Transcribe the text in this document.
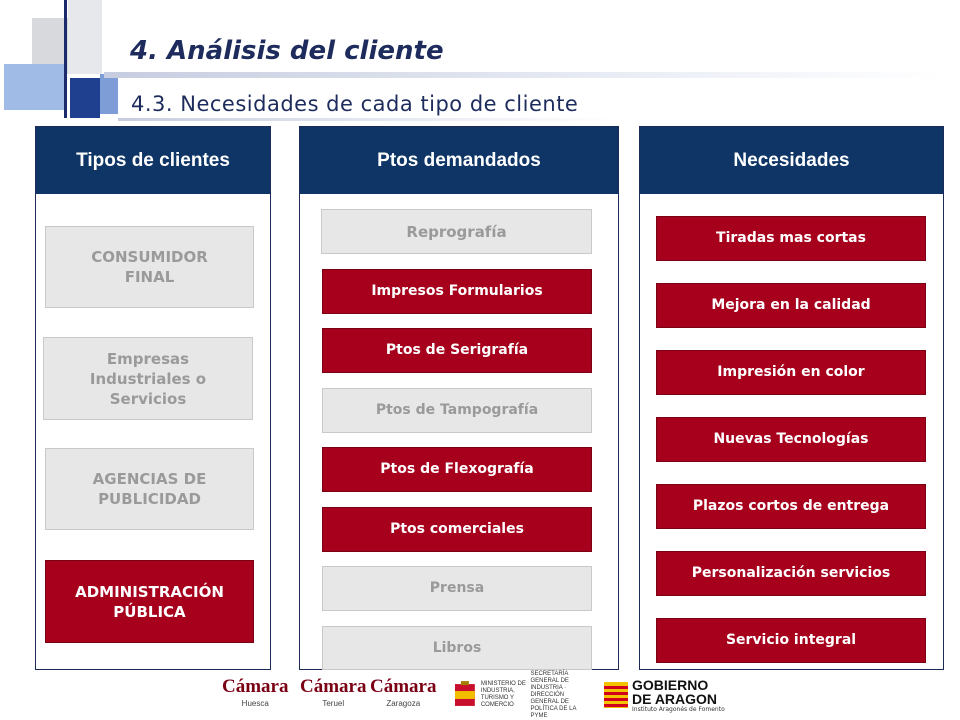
4. Análisis del cliente
4.3. Necesidades de cada tipo de cliente
Tipos de clientes	Ptos demandados	Necesidades
CONSUMIDOR
FINAL
Empresas
Industriales o
Servicios
AGENCIAS DE
PUBLICIDAD
ADMINISTRACIÓN
PÚBLICA
Reprografía
Impresos Formularios
Ptos de Serigrafía
Ptos de Tampografía
Ptos de Flexografía
Ptos comerciales
Prensa
Libros
Tiradas mas cortas
Mejora en la calidad
Impresión en color
Nuevas Tecnologías
Plazos cortos de entrega
Personalización servicios
Servicio integral
Cámara
Huesca
Cámara
Teruel
Cámara
Zaragoza
MINISTERIO DE INDUSTRIA, TURISMO Y COMERCIO
SECRETARÍA GENERAL DE INDUSTRIA · DIRECCIÓN GENERAL DE POLÍTICA DE LA PYME
GOBIERNO
DE ARAGON
Instituto Aragonés de Fomento
